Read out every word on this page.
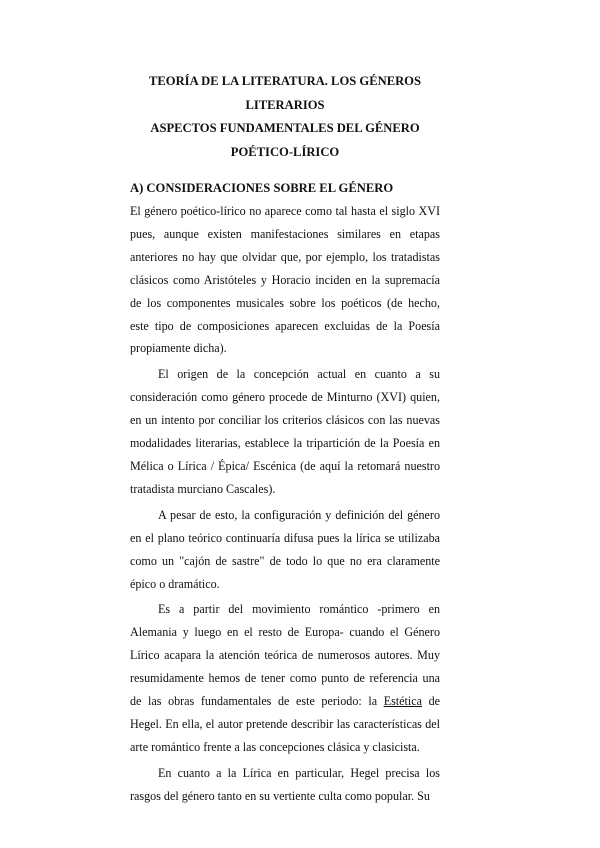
TEORÍA DE LA LITERATURA. LOS GÉNEROS
LITERARIOS
ASPECTOS FUNDAMENTALES DEL GÉNERO
POÉTICO-LÍRICO
A) CONSIDERACIONES SOBRE EL GÉNERO

El género poético-lírico no aparece como tal hasta el siglo XVI pues, aunque existen manifestaciones similares en etapas anteriores no hay que olvidar que, por ejemplo, los tratadistas clásicos como Aristóteles y Horacio inciden en la supremacía de los componentes musicales sobre los poéticos (de hecho, este tipo de composiciones aparecen excluidas de la Poesía propiamente dicha).

El origen de la concepción actual en cuanto a su consideración como género procede de Minturno (XVI) quien, en un intento por conciliar los criterios clásicos con las nuevas modalidades literarias, establece la tripartición de la Poesía en Mélica o Lírica / Épica/ Escénica (de aquí la retomará nuestro tratadista murciano Cascales).

A pesar de esto, la configuración y definición del género en el plano teórico continuaría difusa pues la lírica se utilizaba como un "cajón de sastre" de todo lo que no era claramente épico o dramático.

Es a partir del movimiento romántico -primero en Alemania y luego en el resto de Europa- cuando el Género Lírico acapara la atención teórica de numerosos autores. Muy resumidamente hemos de tener como punto de referencia una de las obras fundamentales de este periodo: la Estética de Hegel. En ella, el autor pretende describir las características del arte romántico frente a las concepciones clásica y clasicista.

En cuanto a la Lírica en particular, Hegel precisa los rasgos del género tanto en su vertiente culta como popular. Su
